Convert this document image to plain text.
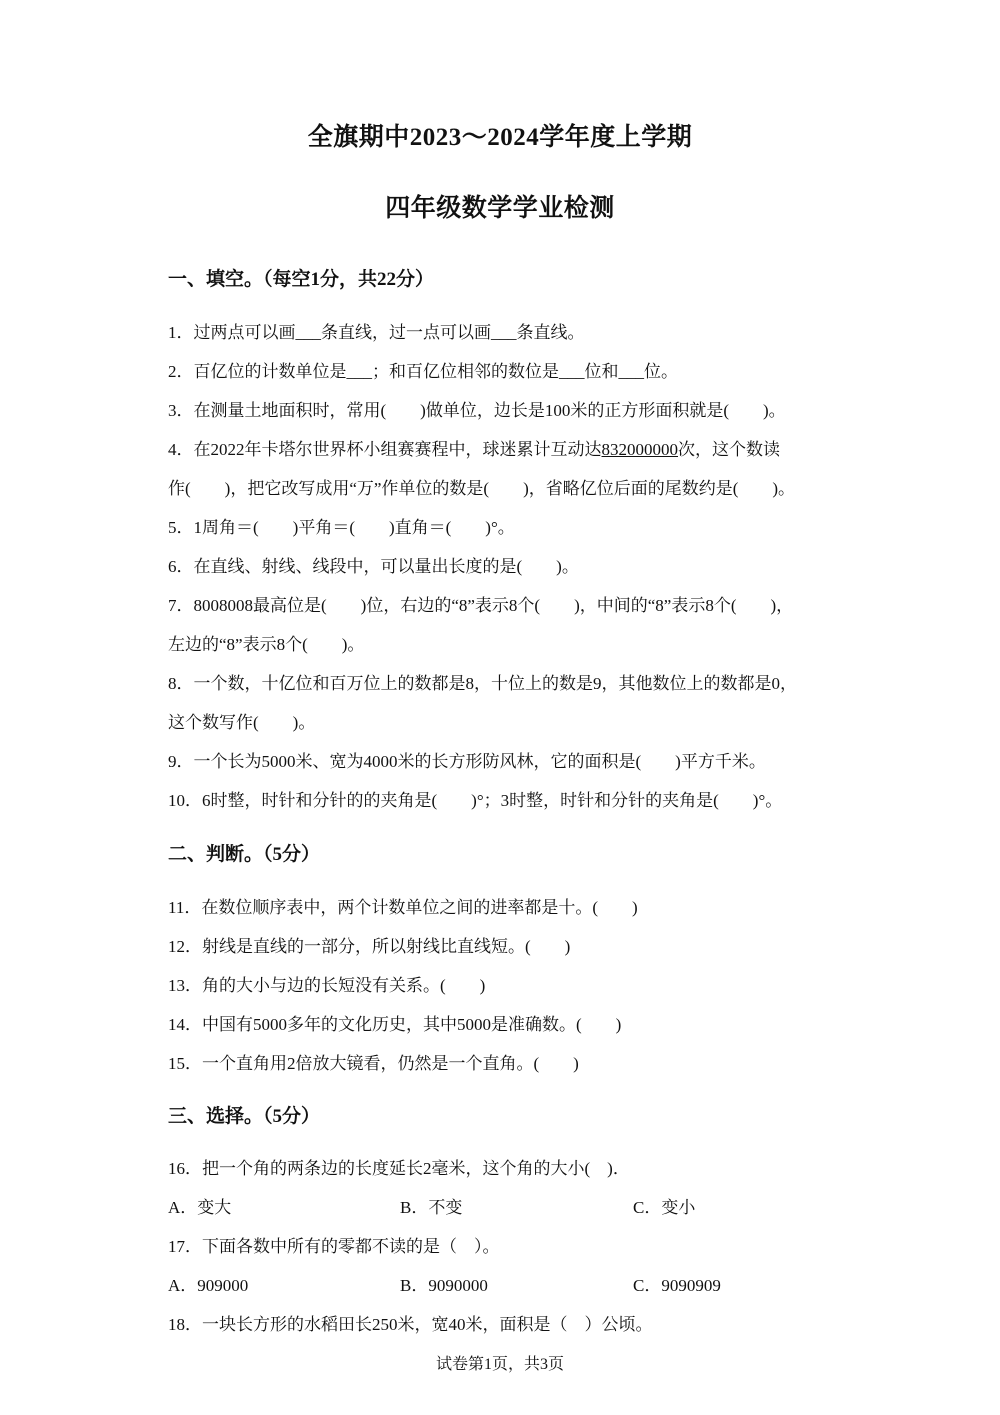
全旗期中2023～2024学年度上学期
四年级数学学业检测
一、填空。（每空1分，共22分）
1．过两点可以画___条直线，过一点可以画___条直线。
2．百亿位的计数单位是___；和百亿位相邻的数位是___位和___位。
3．在测量土地面积时，常用(　　)做单位，边长是100米的正方形面积就是(　　)。
4．在2022年卡塔尔世界杯小组赛赛程中，球迷累计互动达832000000次，这个数读
作(　　)，把它改写成用“万”作单位的数是(　　)，省略亿位后面的尾数约是(　　)。
5．1周角＝(　　)平角＝(　　)直角＝(　　)°。
6．在直线、射线、线段中，可以量出长度的是(　　)。
7．8008008最高位是(　　)位，右边的“8”表示8个(　　)，中间的“8”表示8个(　　)，
左边的“8”表示8个(　　)。
8．一个数，十亿位和百万位上的数都是8，十位上的数是9，其他数位上的数都是0，
这个数写作(　　)。
9．一个长为5000米、宽为4000米的长方形防风林，它的面积是(　　)平方千米。
10．6时整，时针和分针的的夹角是(　　)°；3时整，时针和分针的夹角是(　　)°。
二、判断。（5分）
11．在数位顺序表中，两个计数单位之间的进率都是十。(　　)
12．射线是直线的一部分，所以射线比直线短。(　　)
13．角的大小与边的长短没有关系。(　　)
14．中国有5000多年的文化历史，其中5000是准确数。(　　)
15．一个直角用2倍放大镜看，仍然是一个直角。(　　)
三、选择。（5分）
16．把一个角的两条边的长度延长2毫米，这个角的大小(　)．
A．变大	B．不变	C．变小
17．下面各数中所有的零都不读的是（　）。
A．909000	B．9090000	C．9090909
18．一块长方形的水稻田长250米，宽40米，面积是（　）公顷。
试卷第1页，共3页
